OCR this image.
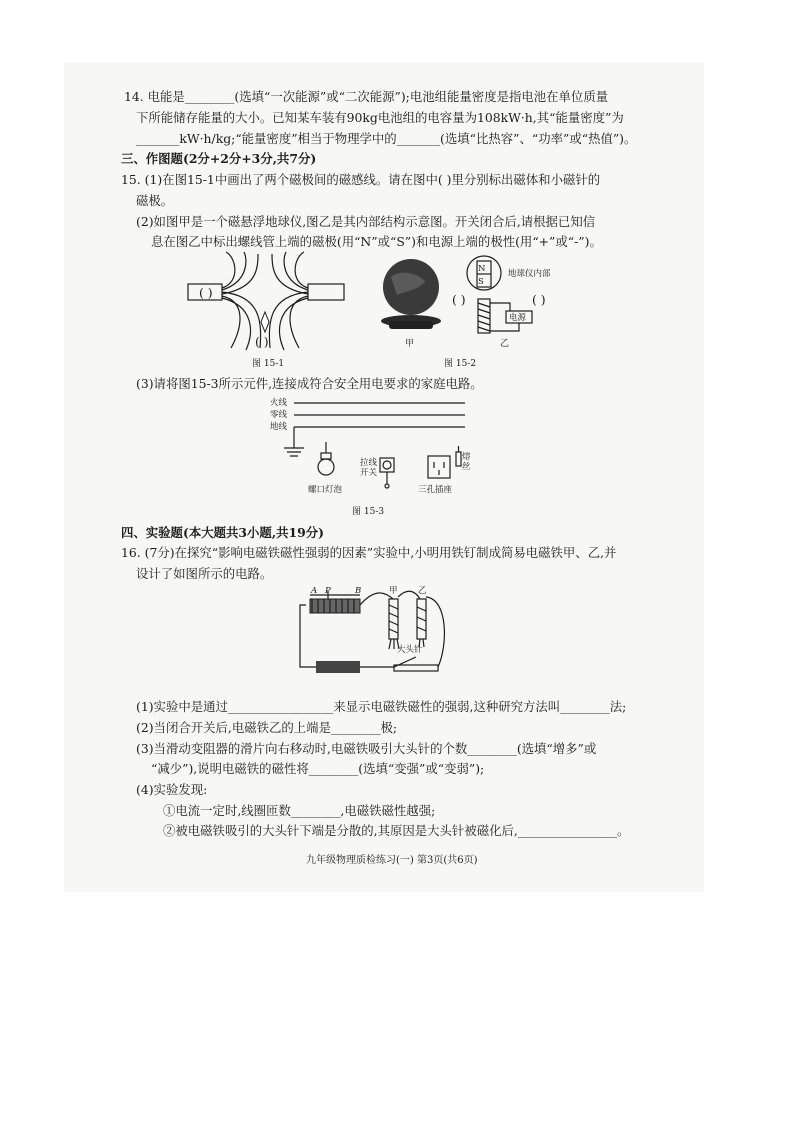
14. 电能是________(选填“一次能源”或“二次能源”);电池组能量密度是指电池在单位质量
下所能储存能量的大小。已知某车装有90kg电池组的电容量为108kW·h,其“能量密度”为
_______kW·h/kg;“能量密度”相当于物理学中的_______(选填“比热容”、“功率”或“热值”)。
三、作图题(2分+2分+3分,共7分)
15. (1)在图15-1中画出了两个磁极间的磁感线。请在图中( )里分别标出磁体和小磁针的
磁极。
(2)如图甲是一个磁悬浮地球仪,图乙是其内部结构示意图。开关闭合后,请根据已知信
息在图乙中标出螺线管上端的磁极(用“N”或“S”)和电源上端的极性(用“+”或“-”)。
( )
( )
图 15-1
甲
N
S
地球仪内部
( )	( )
电源
乙
图 15-2
(3)请将图15-3所示元件,连接成符合安全用电要求的家庭电路。
火线
零线
地线
拉线
开关
熔
丝
螺口灯泡	三孔插座
图 15-3
四、实验题(本大题共3小题,共19分)
16. (7分)在探究“影响电磁铁磁性强弱的因素”实验中,小明用铁钉制成简易电磁铁甲、乙,并
设计了如图所示的电路。
A P	B	甲 乙
大头针
(1)实验中是通过_________________来显示电磁铁磁性的强弱,这种研究方法叫________法;
(2)当闭合开关后,电磁铁乙的上端是________极;
(3)当滑动变阻器的滑片向右移动时,电磁铁吸引大头针的个数________(选填“增多”或
“减少”),说明电磁铁的磁性将________(选填“变强”或“变弱”);
(4)实验发现:
①电流一定时,线圈匝数________,电磁铁磁性越强;
②被电磁铁吸引的大头针下端是分散的,其原因是大头针被磁化后,________________。
九年级物理质检练习(一) 第3页(共6页)
